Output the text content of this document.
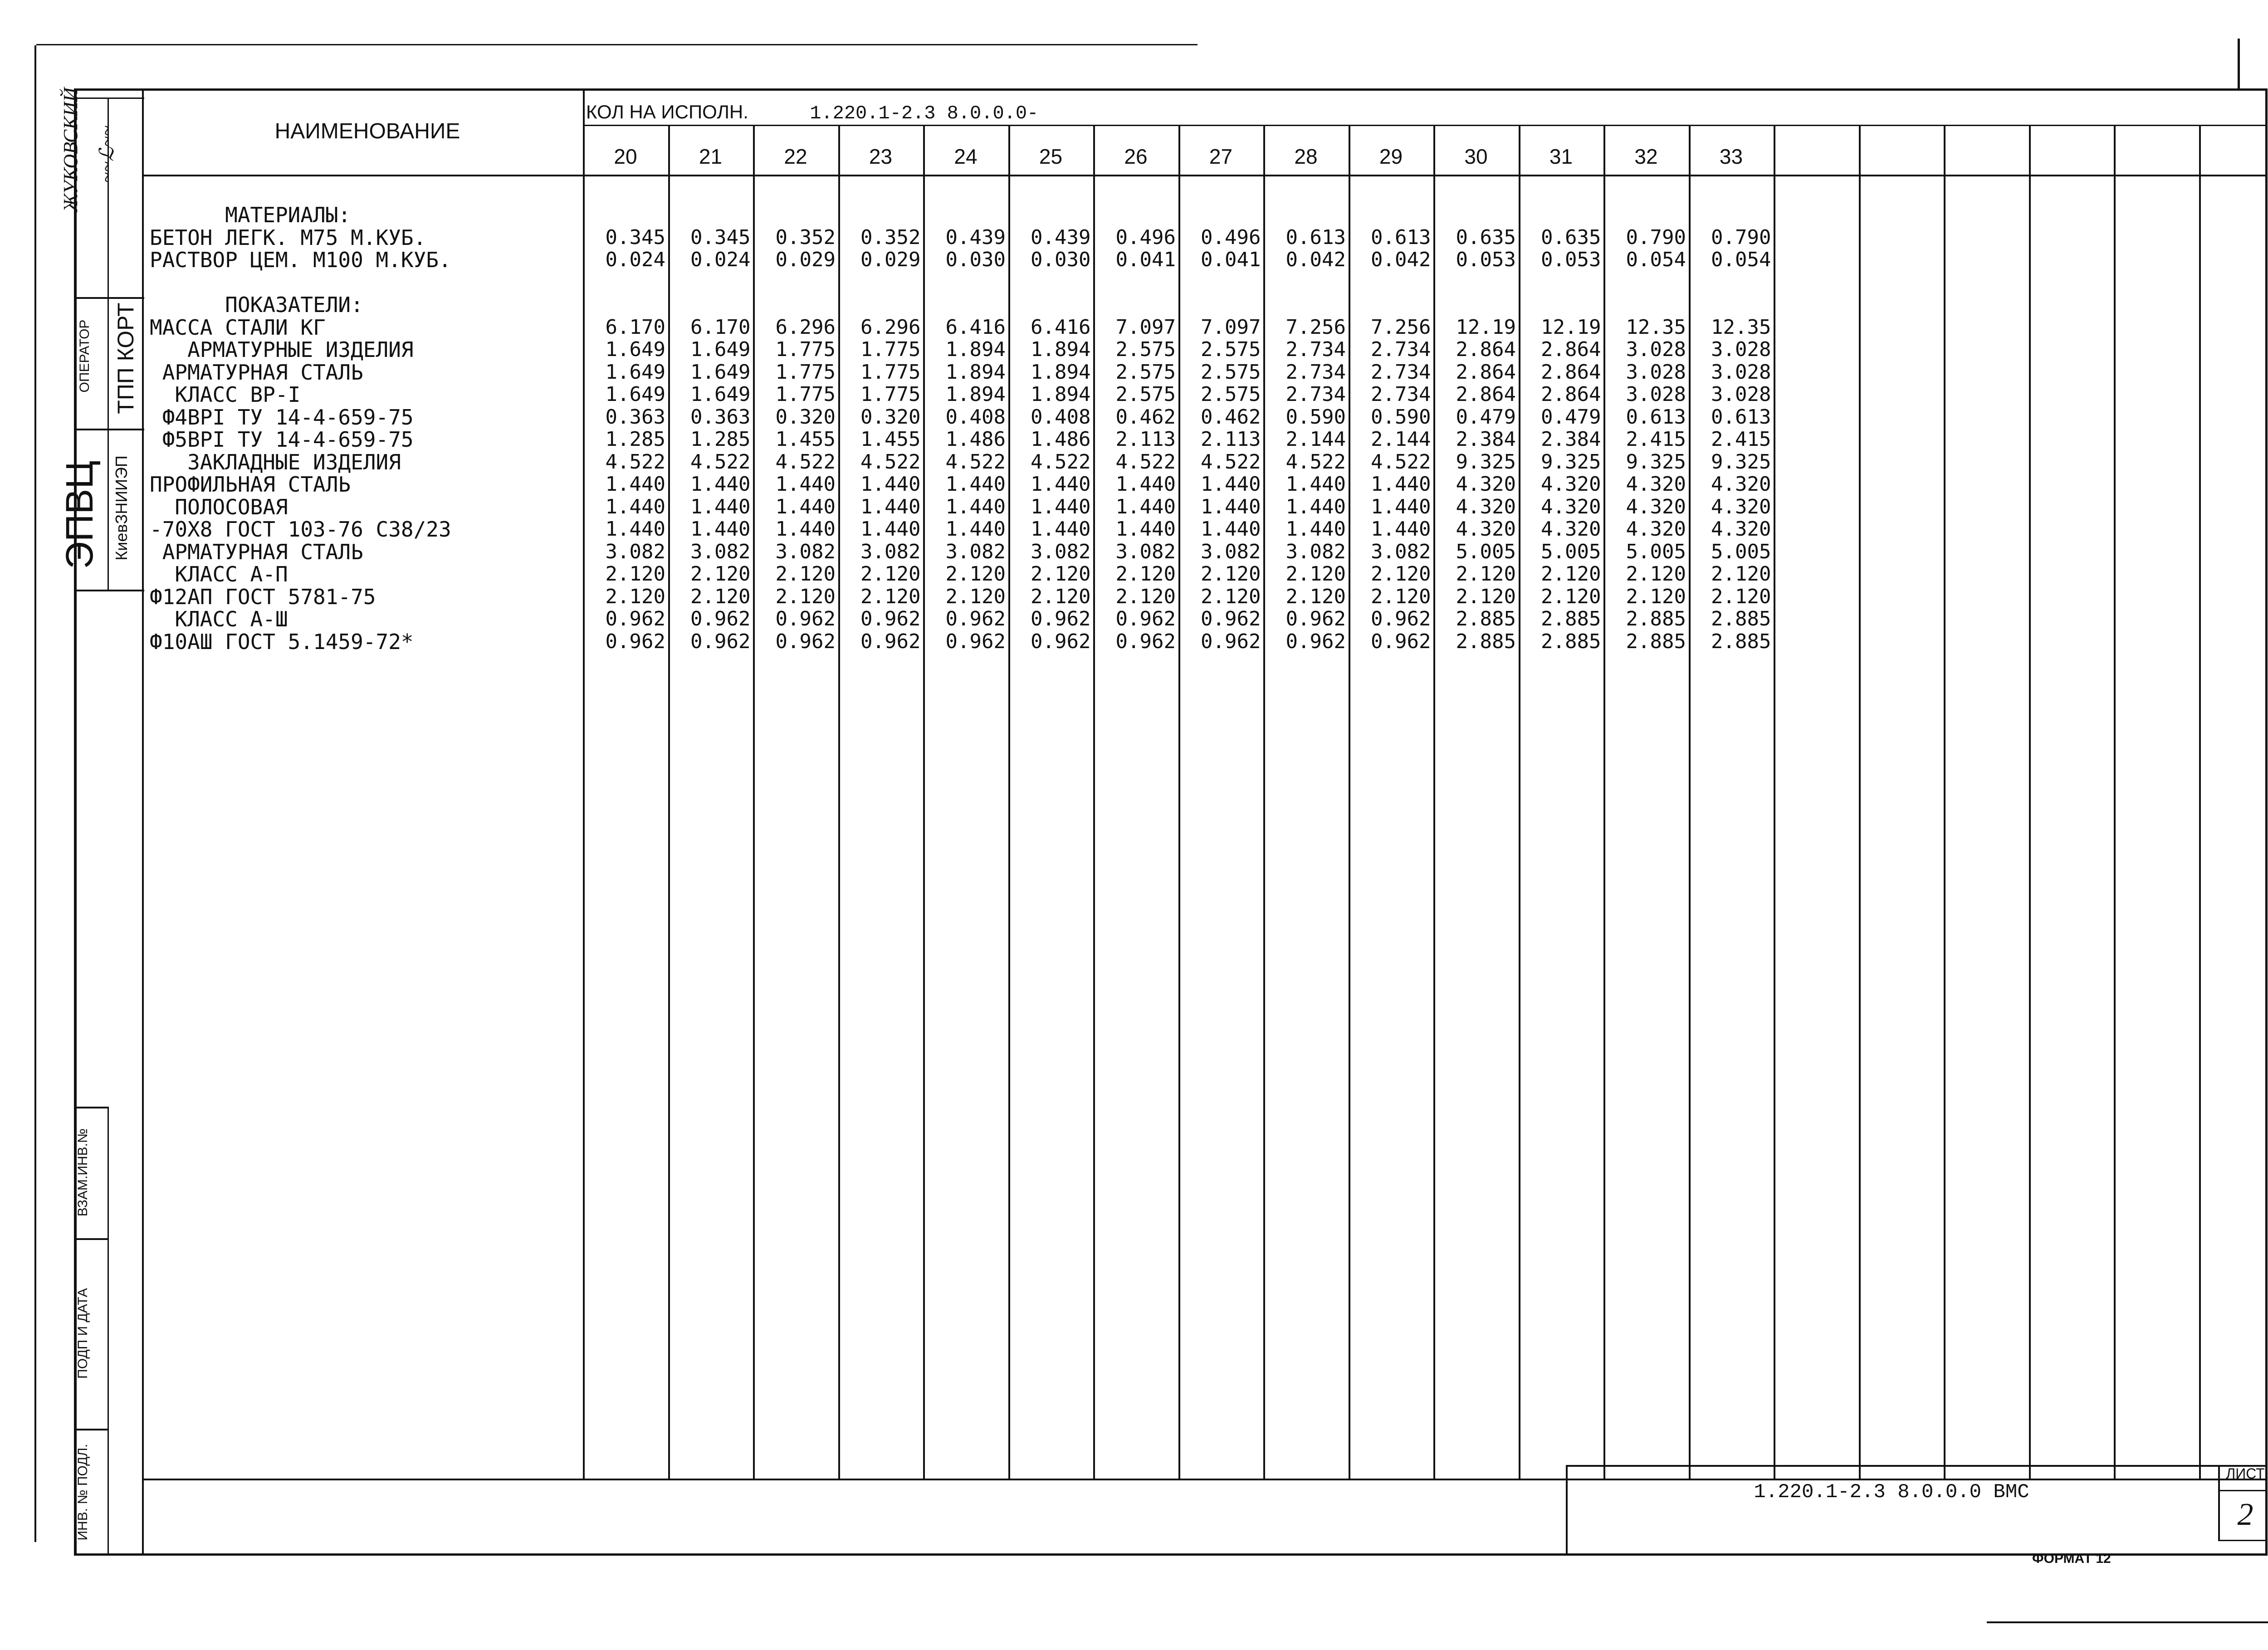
НАИМЕНОВАНИЕ
КОЛ НА ИСПОЛН.	1.220.1-2.3 8.0.0.0-
20	21	22	23	24	25	26	27	28	29	30	31	32	33
МАТЕРИАЛЫ:
БЕТОН ЛЕГК. М75 М.КУБ.	0.345	0.345	0.352	0.352	0.439	0.439	0.496	0.496	0.613	0.613	0.635	0.635	0.790	0.790
РАСТВОР ЦЕМ. М100 М.КУБ.	0.024	0.024	0.029	0.029	0.030	0.030	0.041	0.041	0.042	0.042	0.053	0.053	0.054	0.054
ПОКАЗАТЕЛИ:
МАССА СТАЛИ КГ	6.170	6.170	6.296	6.296	6.416	6.416	7.097	7.097	7.256	7.256	12.19	12.19	12.35	12.35
АРМАТУРНЫЕ ИЗДЕЛИЯ	1.649	1.649	1.775	1.775	1.894	1.894	2.575	2.575	2.734	2.734	2.864	2.864	3.028	3.028
АРМАТУРНАЯ СТАЛЬ	1.649	1.649	1.775	1.775	1.894	1.894	2.575	2.575	2.734	2.734	2.864	2.864	3.028	3.028
КЛАСС ВР-I	1.649	1.649	1.775	1.775	1.894	1.894	2.575	2.575	2.734	2.734	2.864	2.864	3.028	3.028
Ф4ВРI ТУ 14-4-659-75	0.363	0.363	0.320	0.320	0.408	0.408	0.462	0.462	0.590	0.590	0.479	0.479	0.613	0.613
Ф5ВРI ТУ 14-4-659-75	1.285	1.285	1.455	1.455	1.486	1.486	2.113	2.113	2.144	2.144	2.384	2.384	2.415	2.415
ЗАКЛАДНЫЕ ИЗДЕЛИЯ	4.522	4.522	4.522	4.522	4.522	4.522	4.522	4.522	4.522	4.522	9.325	9.325	9.325	9.325
ПРОФИЛЬНАЯ СТАЛЬ	1.440	1.440	1.440	1.440	1.440	1.440	1.440	1.440	1.440	1.440	4.320	4.320	4.320	4.320
ПОЛОСОВАЯ	1.440	1.440	1.440	1.440	1.440	1.440	1.440	1.440	1.440	1.440	4.320	4.320	4.320	4.320
-70Х8 ГОСТ 103-76 С38/23	1.440	1.440	1.440	1.440	1.440	1.440	1.440	1.440	1.440	1.440	4.320	4.320	4.320	4.320
АРМАТУРНАЯ СТАЛЬ	3.082	3.082	3.082	3.082	3.082	3.082	3.082	3.082	3.082	3.082	5.005	5.005	5.005	5.005
КЛАСС А-П	2.120	2.120	2.120	2.120	2.120	2.120	2.120	2.120	2.120	2.120	2.120	2.120	2.120	2.120
Ф12АП ГОСТ 5781-75	2.120	2.120	2.120	2.120	2.120	2.120	2.120	2.120	2.120	2.120	2.120	2.120	2.120	2.120
КЛАСС А-Ш	0.962	0.962	0.962	0.962	0.962	0.962	0.962	0.962	0.962	0.962	2.885	2.885	2.885	2.885
Ф10АШ ГОСТ 5.1459-72*	0.962	0.962	0.962	0.962	0.962	0.962	0.962	0.962	0.962	0.962	2.885	2.885	2.885	2.885
ЖУКОВСКИЙ ~~ℒ~~
ОПЕРАТОР ТПП КОРТ
ЭПВЦ КиевЗНИИЭП
ВЗАМ.ИНВ.№
ПОДП И ДАТА
ИНВ. № ПОДЛ.	1.220.1-2.3 8.0.0.0 ВМС
ЛИСТ
2
ФОРМАТ 12
